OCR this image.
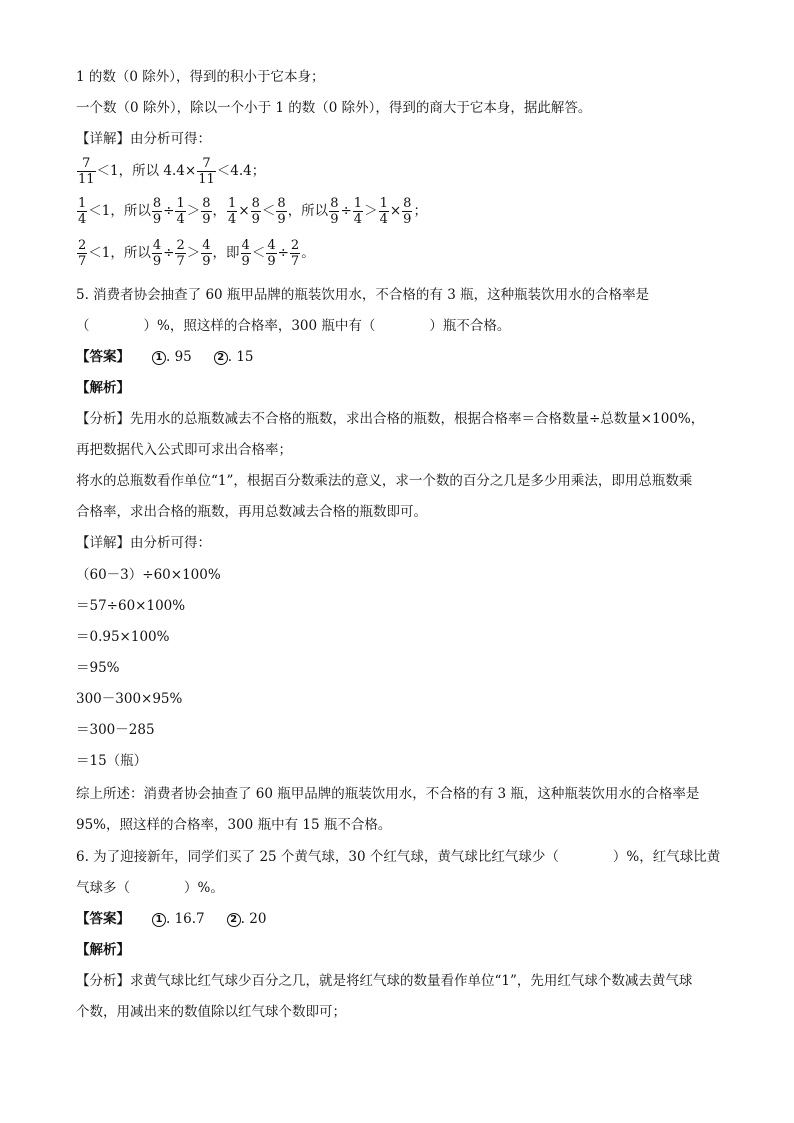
1 的数（0 除外），得到的积小于它本身；
一个数（0 除外），除以一个小于 1 的数（0 除外），得到的商大于它本身，据此解答。
【详解】由分析可得：
$\frac{7}{11} <1$，所以 $4.4\times \frac{7}{11} <4.4$；
$\frac{1}{4} <1$，所以 $\frac{8}{9} \div \frac{1}{4} > \frac{8}{9}$ ， $\frac{1}{4} \times \frac{8}{9} < \frac{8}{9}$ ，所以 $\frac{8}{9} \div \frac{1}{4} > \frac{1}{4} \times \frac{8}{9}$ ；
$\frac{2}{7} <1$，所以 $\frac{4}{9} \div \frac{2}{7} > \frac{4}{9}$ ，即 $\frac{4}{9} < \frac{4}{9} \div \frac{2}{7}$ 。
5. 消费者协会抽查了 60 瓶甲品牌的瓶装饮用水，不合格的有 3 瓶，这种瓶装饮用水的合格率是
（　　　　）%，照这样的合格率，300 瓶中有（　　　　）瓶不合格。
【答案】	1 . 95	2 . 15
【解析】
【分析】先用水的总瓶数减去不合格的瓶数，求出合格的瓶数，根据合格率＝合格数量÷总数量×100%，
再把数据代入公式即可求出合格率；
将水的总瓶数看作单位“1”，根据百分数乘法的意义，求一个数的百分之几是多少用乘法，即用总瓶数乘
合格率，求出合格的瓶数，再用总数减去合格的瓶数即可。
【详解】由分析可得：
（60－3）÷60×100%
＝57÷60×100%
＝0.95×100%
＝95%
300－300×95%
＝300－285
＝15（瓶）
综上所述：消费者协会抽查了 60 瓶甲品牌的瓶装饮用水，不合格的有 3 瓶，这种瓶装饮用水的合格率是
95%，照这样的合格率，300 瓶中有 15 瓶不合格。
6. 为了迎接新年，同学们买了 25 个黄气球，30 个红气球，黄气球比红气球少（　　　　）%，红气球比黄
气球多（　　　　）%。
【答案】	1 . 16.7	2 . 20
【解析】
【分析】求黄气球比红气球少百分之几，就是将红气球的数量看作单位“1”，先用红气球个数减去黄气球
个数，用减出来的数值除以红气球个数即可；
